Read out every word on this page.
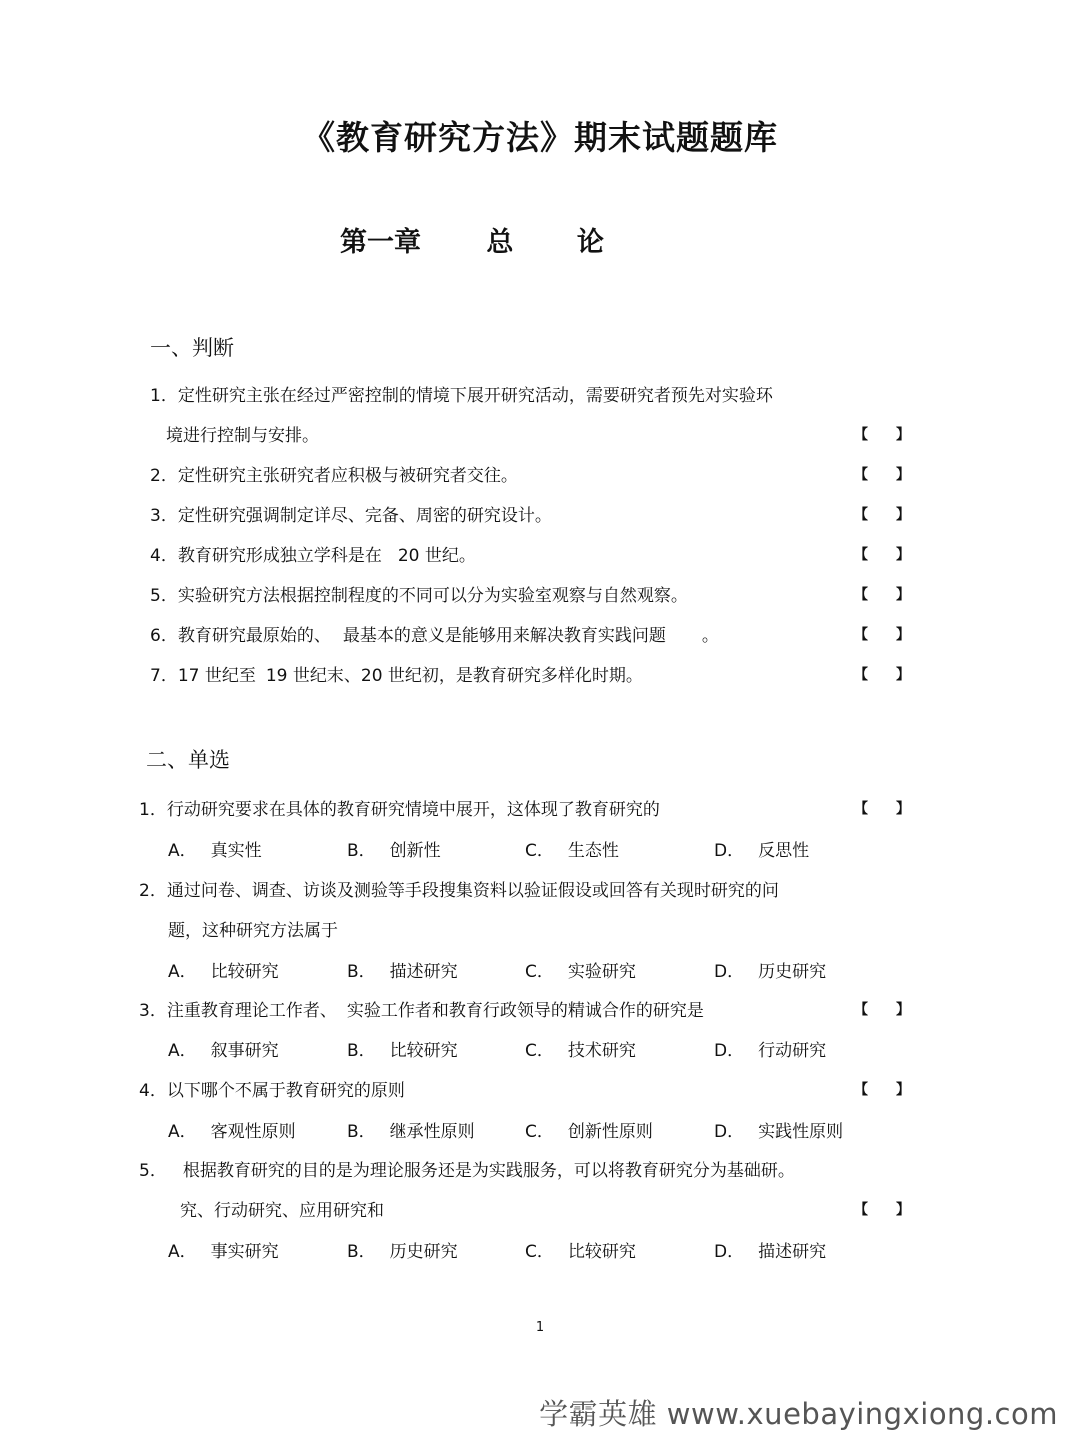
《教育研究方法》期末试题题库
第一章 总 论
一、判断
1．定性研究主张在经过严密控制的情境下展开研究活动，需要研究者预先对实验环
境进行控制与安排。	【 】
2．定性研究主张研究者应积极与被研究者交往。	【 】
3．定性研究强调制定详尽、完备、周密的研究设计。	【 】
4．教育研究形成独立学科是在 20 世纪。	【 】
5．实验研究方法根据控制程度的不同可以分为实验室观察与自然观察。	【 】
6．教育研究最原始的、 最基本的意义是能够用来解决教育实践问题 。	【 】
7．17 世纪至 19 世纪末、20 世纪初，是教育研究多样化时期。	【 】
二、单选
1．行动研究要求在具体的教育研究情境中展开，这体现了教育研究的	【 】
A． 真实性	B． 创新性	C． 生态性	D． 反思性
2．通过问卷、调查、访谈及测验等手段搜集资料以验证假设或回答有关现时研究的问
题，这种研究方法属于
A． 比较研究	B． 描述研究	C． 实验研究	D． 历史研究
3．注重教育理论工作者、 实验工作者和教育行政领导的精诚合作的研究是	【 】
A． 叙事研究	B． 比较研究	C． 技术研究	D． 行动研究
4．以下哪个不属于教育研究的原则	【 】
A． 客观性原则	B． 继承性原则	C． 创新性原则	D． 实践性原则
5． 根据教育研究的目的是为理论服务还是为实践服务，可以将教育研究分为基础研。
究、行动研究、应用研究和	【 】
A． 事实研究	B． 历史研究	C． 比较研究	D． 描述研究
1
学霸英雄 www.xuebayingxiong.com
